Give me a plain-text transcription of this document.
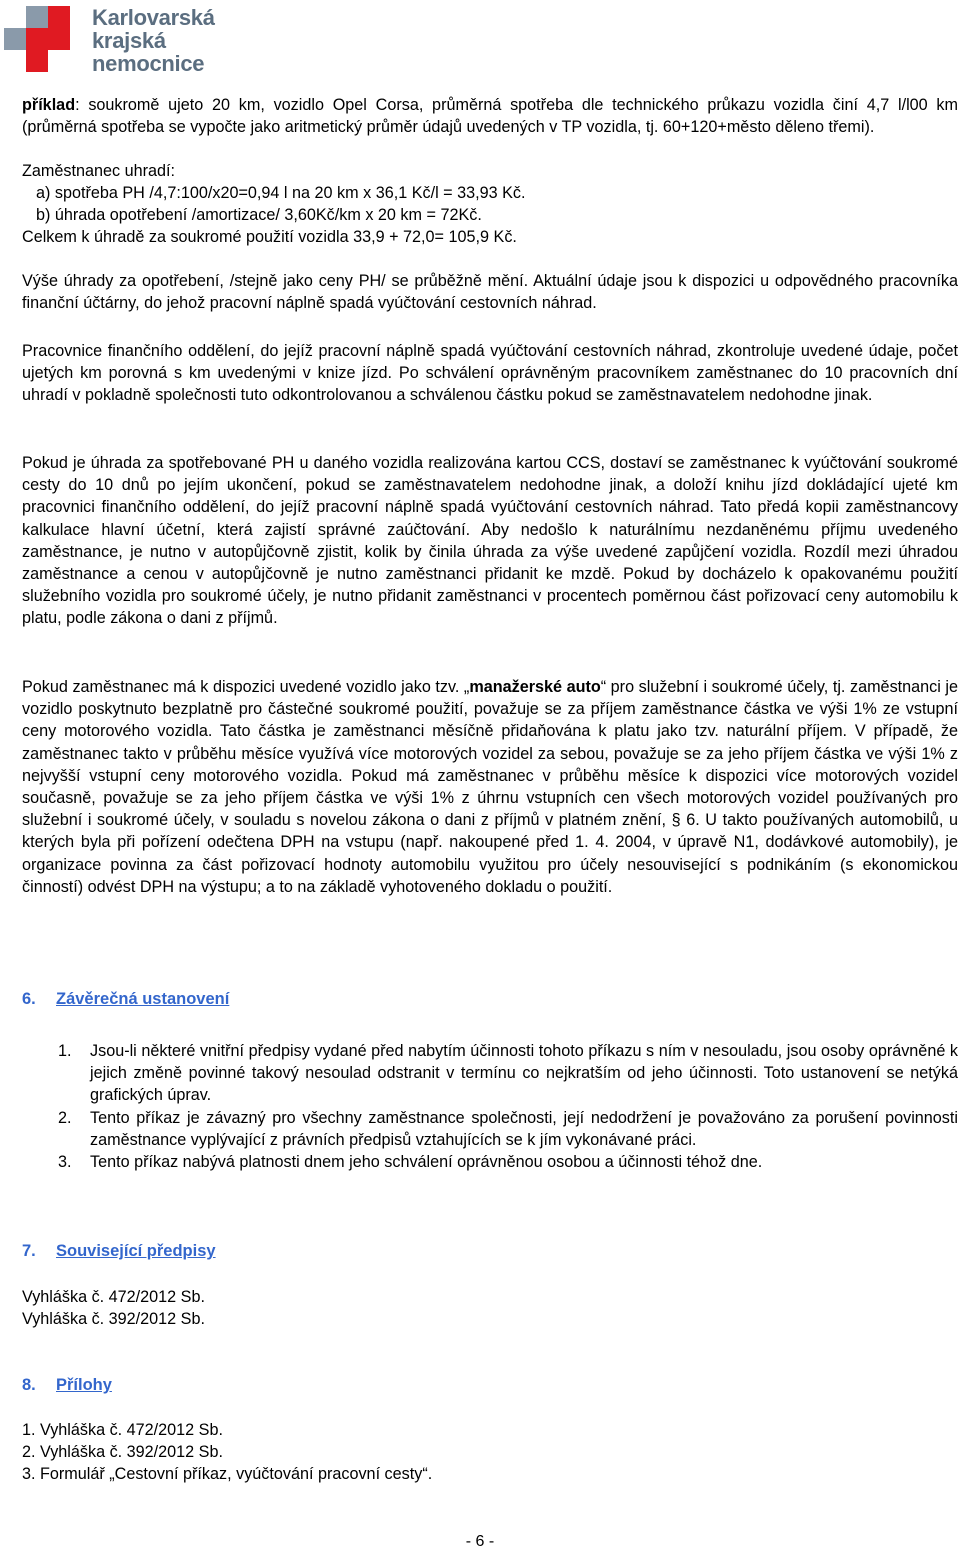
Karlovarská
krajská
nemocnice

příklad: soukromě ujeto 20 km, vozidlo Opel Corsa, průměrná spotřeba dle technického průkazu vozidla činí 4,7 l/l00 km (průměrná spotřeba se vypočte jako aritmetický průměr údajů uvedených v TP vozidla, tj. 60+120+město děleno třemi).

Zaměstnanec uhradí:
a) spotřeba PH /4,7:100/x20=0,94 l na 20 km x 36,1 Kč/l = 33,93 Kč.
b) úhrada opotřebení /amortizace/ 3,60Kč/km x 20 km = 72Kč.
Celkem k úhradě za soukromé použití vozidla 33,9 + 72,0= 105,9 Kč.

Výše úhrady za opotřebení, /stejně jako ceny PH/ se průběžně mění. Aktuální údaje jsou k dispozici u odpovědného pracovníka finanční účtárny, do jehož pracovní náplně spadá vyúčtování cestovních náhrad.

Pracovnice finančního oddělení, do jejíž pracovní náplně spadá vyúčtování cestovních náhrad, zkontroluje uvedené údaje, počet ujetých km porovná s km uvedenými v knize jízd. Po schválení oprávněným pracovníkem zaměstnanec do 10 pracovních dní uhradí v pokladně společnosti tuto odkontrolovanou a schválenou částku pokud se zaměstnavatelem nedohodne jinak.

Pokud je úhrada za spotřebované PH u daného vozidla realizována kartou CCS, dostaví se zaměstnanec k vyúčtování soukromé cesty do 10 dnů po jejím ukončení, pokud se zaměstnavatelem nedohodne jinak, a doloží knihu jízd dokládající ujeté km pracovnici finančního oddělení, do jejíž pracovní náplně spadá vyúčtování cestovních náhrad. Tato předá kopii zaměstnancovy kalkulace hlavní účetní, která zajistí správné zaúčtování. Aby nedošlo k naturálnímu nezdaněnému příjmu uvedeného zaměstnance, je nutno v autopůjčovně zjistit, kolik by činila úhrada za výše uvedené zapůjčení vozidla. Rozdíl mezi úhradou zaměstnance a cenou v autopůjčovně je nutno zaměstnanci přidanit ke mzdě. Pokud by docházelo k opakovanému použití služebního vozidla pro soukromé účely, je nutno přidanit zaměstnanci v procentech poměrnou část pořizovací ceny automobilu k platu, podle zákona o dani z příjmů.

Pokud zaměstnanec má k dispozici uvedené vozidlo jako tzv. „manažerské auto“ pro služební i soukromé účely, tj. zaměstnanci je vozidlo poskytnuto bezplatně pro částečné soukromé použití, považuje se za příjem zaměstnance částka ve výši 1% ze vstupní ceny motorového vozidla. Tato částka je zaměstnanci měsíčně přidaňována k platu jako tzv. naturální příjem. V případě, že zaměstnanec takto v průběhu měsíce využívá více motorových vozidel za sebou, považuje se za jeho příjem částka ve výši 1% z nejvyšší vstupní ceny motorového vozidla. Pokud má zaměstnanec v průběhu měsíce k dispozici více motorových vozidel současně, považuje se za jeho příjem částka ve výši 1% z úhrnu vstupních cen všech motorových vozidel používaných pro služební i soukromé účely, v souladu s novelou zákona o dani z příjmů v platném znění, § 6. U takto používaných automobilů, u kterých byla při pořízení odečtena DPH na vstupu (např. nakoupené před 1. 4. 2004, v úpravě N1, dodávkové automobily), je organizace povinna za část pořizovací hodnoty automobilu využitou pro účely nesouvisející s podnikáním (s ekonomickou činností) odvést DPH na výstupu; a to na základě vyhotoveného dokladu o použití.

6. Závěrečná ustanovení
1. Jsou-li některé vnitřní předpisy vydané před nabytím účinnosti tohoto příkazu s ním v nesouladu, jsou osoby oprávněné k jejich změně povinné takový nesoulad odstranit v termínu co nejkratším od jeho účinnosti. Toto ustanovení se netýká grafických úprav.
2. Tento příkaz je závazný pro všechny zaměstnance společnosti, její nedodržení je považováno za porušení povinnosti zaměstnance vyplývající z právních předpisů vztahujících se k jím vykonávané práci.
3. Tento příkaz nabývá platnosti dnem jeho schválení oprávněnou osobou a účinnosti téhož dne.
7. Související předpisy
Vyhláška č. 472/2012 Sb.
Vyhláška č. 392/2012 Sb.
8. Přílohy
1. Vyhláška č. 472/2012 Sb.
2. Vyhláška č. 392/2012 Sb.
3. Formulář „Cestovní příkaz, vyúčtování pracovní cesty“.
- 6 -
